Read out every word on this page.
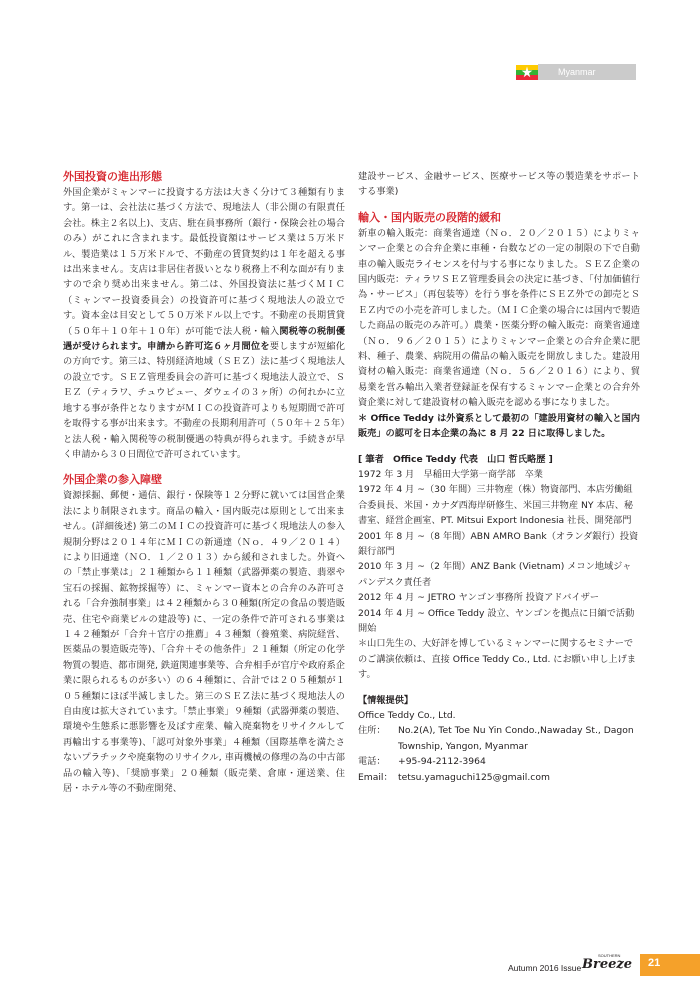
Myanmar
外国投資の進出形態

外国企業がミャンマーに投資する方法は大きく分けて３種類有ります。第一は、会社法に基づく方法で、現地法人（非公開の有限責任会社。株主２名以上)、支店、駐在員事務所（銀行・保険会社の場合のみ）がこれに含まれます。最低投資額はサービス業は５万米ドル、製造業は１５万米ドルで、不動産の賃貸契約は１年を超える事は出来ません。支店は非居住者扱いとなり税務上不利な面が有りますので余り奨め出来ません。第二は、外国投資法に基づくＭＩＣ（ミャンマー投資委員会）の投資許可に基づく現地法人の設立です。資本金は目安として５０万米ドル以上です。不動産の長期賃貸（５０年＋１０年＋１０年）が可能で法人税・輸入関税等の税制優遇が受けられます。申請から許可迄６ヶ月間位を要しますが短縮化の方向です。第三は、特別経済地域（ＳＥＺ）法に基づく現地法人の設立です。ＳＥＺ管理委員会の許可に基づく現地法人設立で、ＳＥＺ（ティラワ、チュウピュー、ダウェイの３ヶ所）の何れかに立地する事が条件となりますがＭＩＣの投資許可よりも短期間で許可を取得する事が出来ます。不動産の長期利用許可（５０年＋２５年）と法人税・輸入関税等の税制優遇の特典が得られます。手続きが早く申請から３０日間位で許可されています。

外国企業の参入障壁

資源採掘、郵便・通信、銀行・保険等１２分野に就いては国営企業法により制限されます。商品の輸入・国内販売は原則として出来ません。(詳細後述) 第二のＭＩＣの投資許可に基づく現地法人の参入規制分野は２０１４年にＭＩＣの新通達（Ｎｏ．４９／２０１４）により旧通達（ＮＯ．１／２０１３）から緩和されました。外資への「禁止事業は」２１種類から１１種類（武器弾薬の製造、翡翠や宝石の採掘、鉱物採掘等）に、ミャンマー資本との合弁のみ許可される「合弁強制事業」は４２種類から３０種類(所定の食品の製造販売、住宅や商業ビルの建設等) に、一定の条件で許可される事業は１４２種類が「合弁＋官庁の推薦」４３種類（養殖業、病院経営、医薬品の製造販売等)、「合弁＋その他条件」２１種類（所定の化学物質の製造、都市開発, 鉄道関連事業等、合弁相手が官庁や政府系企業に限られるものが多い）の６４種類に、合計では２０５種類が１０５種類にほぼ半減しました。第三のＳＥＺ法に基づく現地法人の自由度は拡大されています。｢禁止事業」９種類（武器弾薬の製造、環境や生態系に悪影響を及ぼす産業、輸入廃棄物をリサイクルして再輸出する事業等)、｢認可対象外事業」４種類（国際基準を満たさないプラチックや廃棄物のリサイクル, 車両機械の修理の為の中古部品の輸入等)、｢奨励事業」２０種類（販売業、倉庫・運送業、住居・ホテル等の不動産開発、

建設サービス、金融サービス、医療サービス等の製造業をサポートする事業)

輸入・国内販売の段階的緩和

新車の輸入販売：商業省通達（Ｎｏ．２０／２０１５）によりミャンマー企業との合弁企業に車種・台数などの一定の制限の下で自動車の輸入販売ライセンスを付与する事になりました。ＳＥＺ企業の国内販売：ティラワＳＥＺ管理委員会の決定に基づき、｢付加価値行為・サービス」（再包装等）を行う事を条件にＳＥＺ外での卸売とＳＥＺ内での小売を許可しました。（ＭＩＣ企業の場合には国内で製造した商品の販売のみ許可。）農業・医薬分野の輸入販売：商業省通達（Ｎｏ．９６／２０１５）によりミャンマー企業との合弁企業に肥料、種子、農業、病院用の備品の輸入販売を開放しました。建設用資材の輸入販売：商業省通達（Ｎｏ．５６／２０１６）により、貿易業を営み輸出入業者登録証を保有するミャンマー企業との合弁外資企業に対して建設資材の輸入販売を認める事になりました。

＊ Office Teddy は外資系として最初の「建設用資材の輸入と国内販売」の認可を日本企業の為に 8 月 22 日に取得しました。

[ 筆者　Office Teddy 代表　山口 哲氏略歴 ]

1972 年 3 月　早稲田大学第一商学部　卒業
1972 年 4 月 ~（30 年間）三井物産（株）物資部門、本店労働組合委員長、米国・カナダ西海岸研修生、米国三井物産 NY 本店、秘書室、経営企画室、PT. Mitsui Export Indonesia 社長、開発部門
2001 年 8 月 ~（8 年間）ABN AMRO Bank（オランダ銀行）投資銀行部門
2010 年 3 月 ~（2 年間）ANZ Bank (Vietnam) メコン地域ジャパンデスク責任者
2012 年 4 月 ~ JETRO ヤンゴン事務所 投資アドバイザー
2014 年 4 月 ~ Office Teddy 設立、ヤンゴンを拠点に日緬で活動開始
＊山口先生の、大好評を博しているミャンマーに関するセミナーでのご講演依頼は、直接 Office Teddy Co., Ltd. にお願い申し上げます。

【情報提供】

Office Teddy Co., Ltd.

住所：	No.2(A), Tet Toe Nu Yin Condo.,Nawaday St., Dagon Township, Yangon, Myanmar
電話：	+95-94-2112-3964
Email： tetsu.yamaguchi125@gmail.com
Autumn 2016 Issue
SOUTHERN
Breeze 21
